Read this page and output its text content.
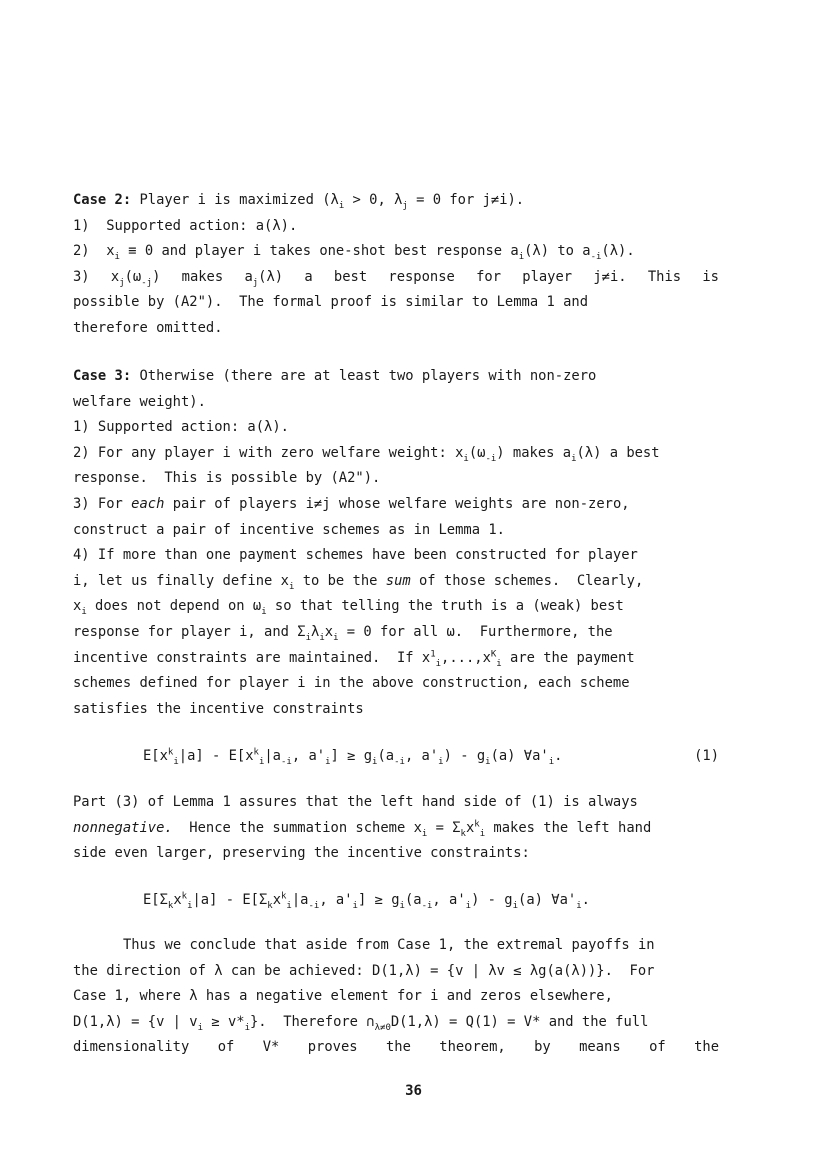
Case 2: Player i is maximized ($\lambda_i > 0$, $\lambda_j = 0$ for j≠i).
1)  Supported action: a(λ).
2)  $x_i \equiv 0$ and player i takes one-shot best response $a_i(\lambda)$ to $a_{-i}(\lambda)$.
3) $x_j(\omega_{-j})$ makes $a_j(\lambda)$ a best response for player j≠i. This is
possible by (A2").  The formal proof is similar to Lemma 1 and
therefore omitted.
Case 3: Otherwise (there are at least two players with non-zero
welfare weight).
1) Supported action: a(λ).
2) For any player i with zero welfare weight: $x_i(\omega_{-i})$ makes $a_i(\lambda)$ a best
response.  This is possible by (A2").
3) For each pair of players i≠j whose welfare weights are non-zero,
construct a pair of incentive schemes as in Lemma 1.
4) If more than one payment schemes have been constructed for player
i, let us finally define $x_i$ to be the sum of those schemes.  Clearly,
$x_i$ does not depend on $\omega_i$ so that telling the truth is a (weak) best
response for player i, and $\Sigma_i\lambda_ix_i = 0$ for all ω.  Furthermore, the
incentive constraints are maintained.  If $x^1_i,...,x^K_i$ are the payment
schemes defined for player i in the above construction, each scheme
satisfies the incentive constraints
$E[x^k_i|a] - E[x^k_i|a_{-i}$, $a'_i] \ge g_i(a_{-i}$, $a'_i) - g_i(a)$ $\forall a'_i$.	(1)
Part (3) of Lemma 1 assures that the left hand side of (1) is always
nonnegative.  Hence the summation scheme $x_i = \Sigma_kx^k_i$ makes the left hand
side even larger, preserving the incentive constraints:
$E[\Sigma_kx^k_i|a] - E[\Sigma_kx^k_i|a_{-i}$, $a'_i] \ge g_i(a_{-i}$, $a'_i) - g_i(a)$ $\forall a'_i$.
Thus we conclude that aside from Case 1, the extremal payoffs in
the direction of λ can be achieved: D(1,λ) = {v | λv ≤ λg(a(λ))}.  For
Case 1, where λ has a negative element for i and zeros elsewhere,
D(1,λ) = {v | $v_i \ge v*_i$}.  Therefore $\cap_{\lambda\ne 0}D(1,\lambda) = Q(1) = V*$ and the full
dimensionality of V* proves the theorem, by means of the
36
